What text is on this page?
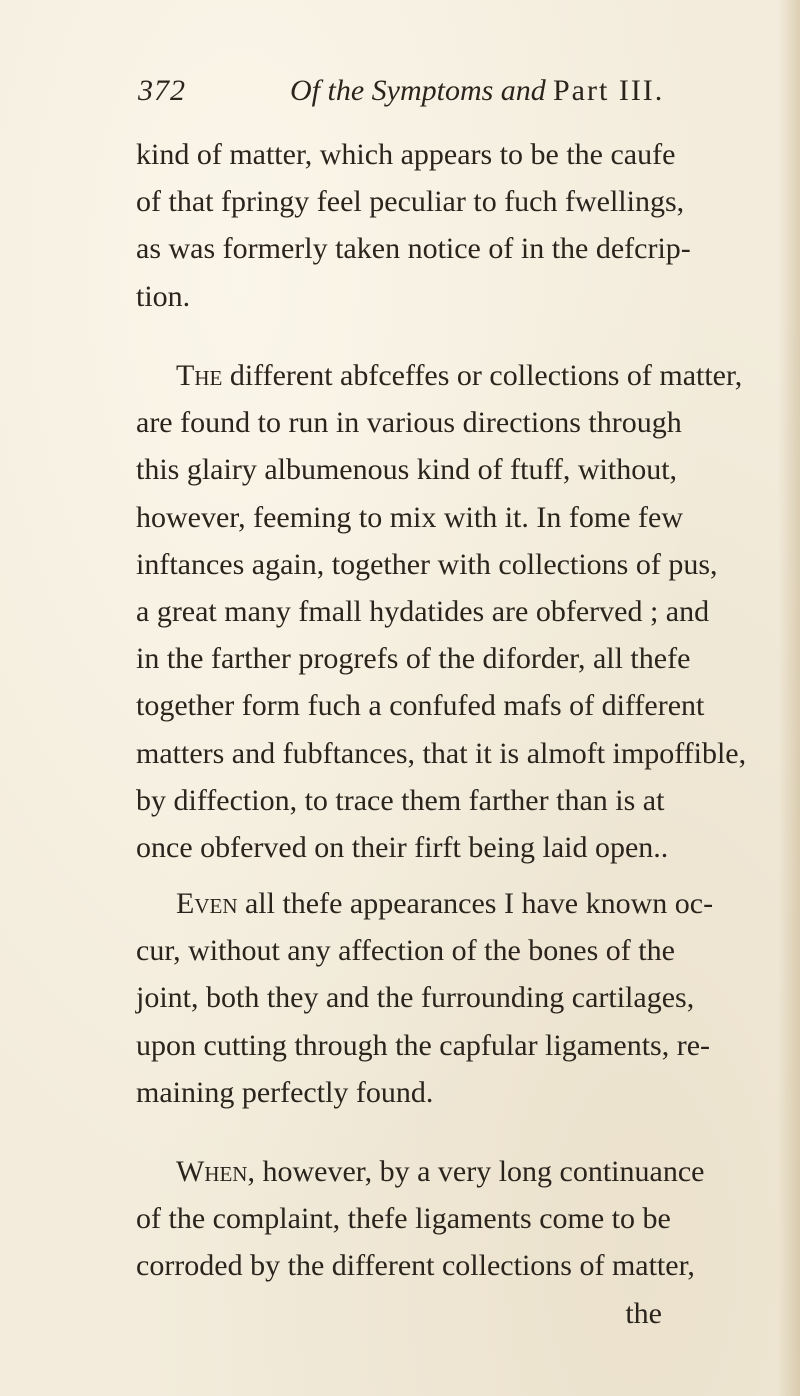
372	Of the Symptoms and Part III.
kind of matter, which appears to be the caufe
of that fpringy feel peculiar to fuch fwellings,
as was formerly taken notice of in the defcrip-
tion.
The different abfceffes or collections of matter,
are found to run in various directions through
this glairy albumenous kind of ftuff, without,
however, feeming to mix with it. In fome few
inftances again, together with collections of pus,
a great many fmall hydatides are obferved ; and
in the farther progrefs of the diforder, all thefe
together form fuch a confufed mafs of different
matters and fubftances, that it is almoft impoffible,
by diffection, to trace them farther than is at
once obferved on their firft being laid open..
Even all thefe appearances I have known oc-
cur, without any affection of the bones of the
joint, both they and the furrounding cartilages,
upon cutting through the capfular ligaments, re-
maining perfectly found.
When, however, by a very long continuance
of the complaint, thefe ligaments come to be
corroded by the different collections of matter,
the
